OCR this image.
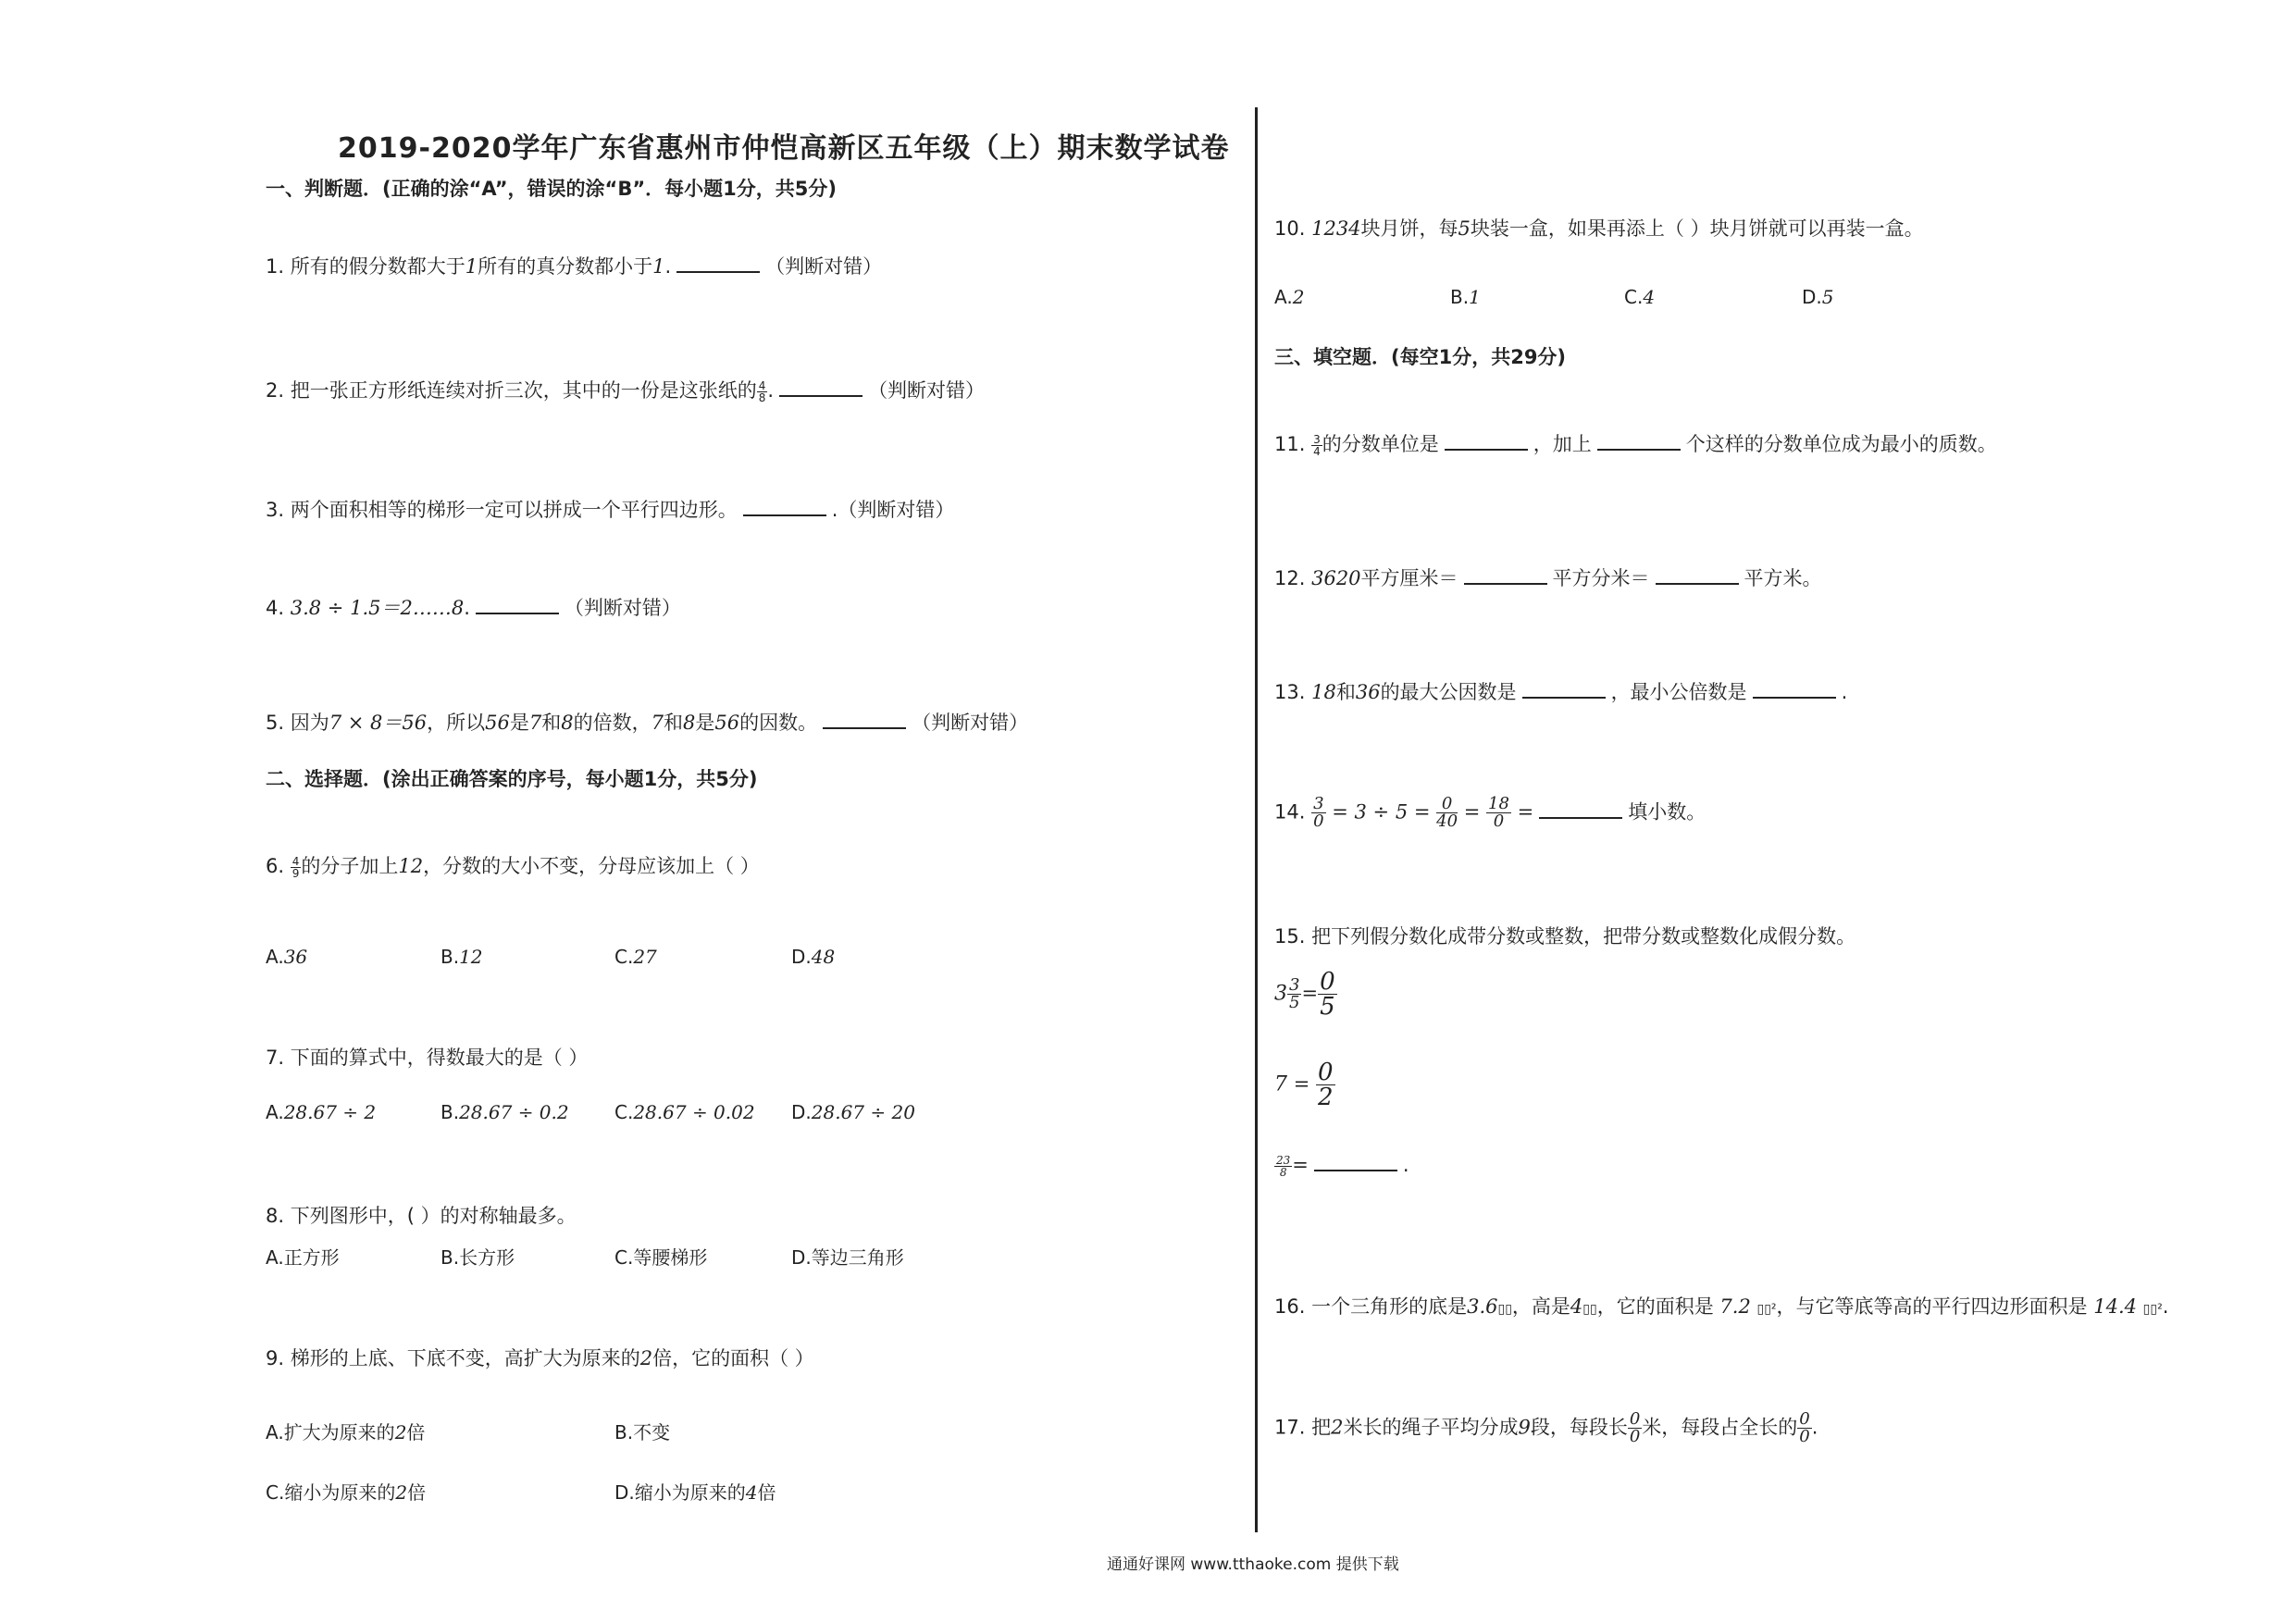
2019-2020学年广东省惠州市仲恺高新区五年级（上）期末数学试卷
一、判断题．(正确的涂“A”，错误的涂“B”．每小题1分，共5分)
1. 所有的假分数都大于1所有的真分数都小于1.	（判断对错）
2. 把一张正方形纸连续对折三次，其中的一份是这张纸的 $\frac{4}{8}$ .	（判断对错）
3. 两个面积相等的梯形一定可以拼成一个平行四边形。	.（判断对错）
4. 3.8 ÷ 1.5＝2……8.	（判断对错）
5. 因为7 × 8＝56，所以56是7和8的倍数，7和8是56的因数。	（判断对错）
二、选择题．(涂出正确答案的序号，每小题1分，共5分)
6. $\frac{4}{9}$ 的分子加上12，分数的大小不变，分母应该加上（ ）
A.36	B.12	C.27	D.48
7. 下面的算式中，得数最大的是（ ）
A.28.67 ÷ 2	B.28.67 ÷ 0.2 C.28.67 ÷ 0.02 D.28.67 ÷ 20
8. 下列图形中，( ）的对称轴最多。
A.正方形	B.长方形	C.等腰梯形	D.等边三角形
9. 梯形的上底、下底不变，高扩大为原来的2倍，它的面积（ ）
A.扩大为原来的2倍	B.不变
C.缩小为原来的2倍	D.缩小为原来的4倍
10. 1234块月饼，每5块装一盒，如果再添上（ ）块月饼就可以再装一盒。
A.2	B.1	C.4	D.5
三、填空题．(每空1分，共29分)
11. $\frac{3}{4}$ 的分数单位是	，加上	个这样的分数单位成为最小的质数。
12. 3620平方厘米＝	平方分米＝	平方米。
13. 18和36的最大公因数是	，最小公倍数是	.
14. $\frac{3}{0} = 3 \div 5 = \frac{0}{40} = \frac{18}{0}$ =	填小数。
15. 把下列假分数化成带分数或整数，把带分数或整数化成假分数。
$3 \frac{3}{5} = \frac{0}{5}$
$7 = \frac{0}{2}$
$\frac{23}{8}$ =	.
16. 一个三角形的底是3.6▯▯，高是4▯▯，它的面积是 7.2 ▯▯²，与它等底等高的平行四边形面积是 14.4 ▯▯².
17. 把2米长的绳子平均分成9段，每段长 $\frac{0}{0}$ 米，每段占全长的 $\frac{0}{0}$ .
通通好课网 www.tthaoke.com 提供下载
